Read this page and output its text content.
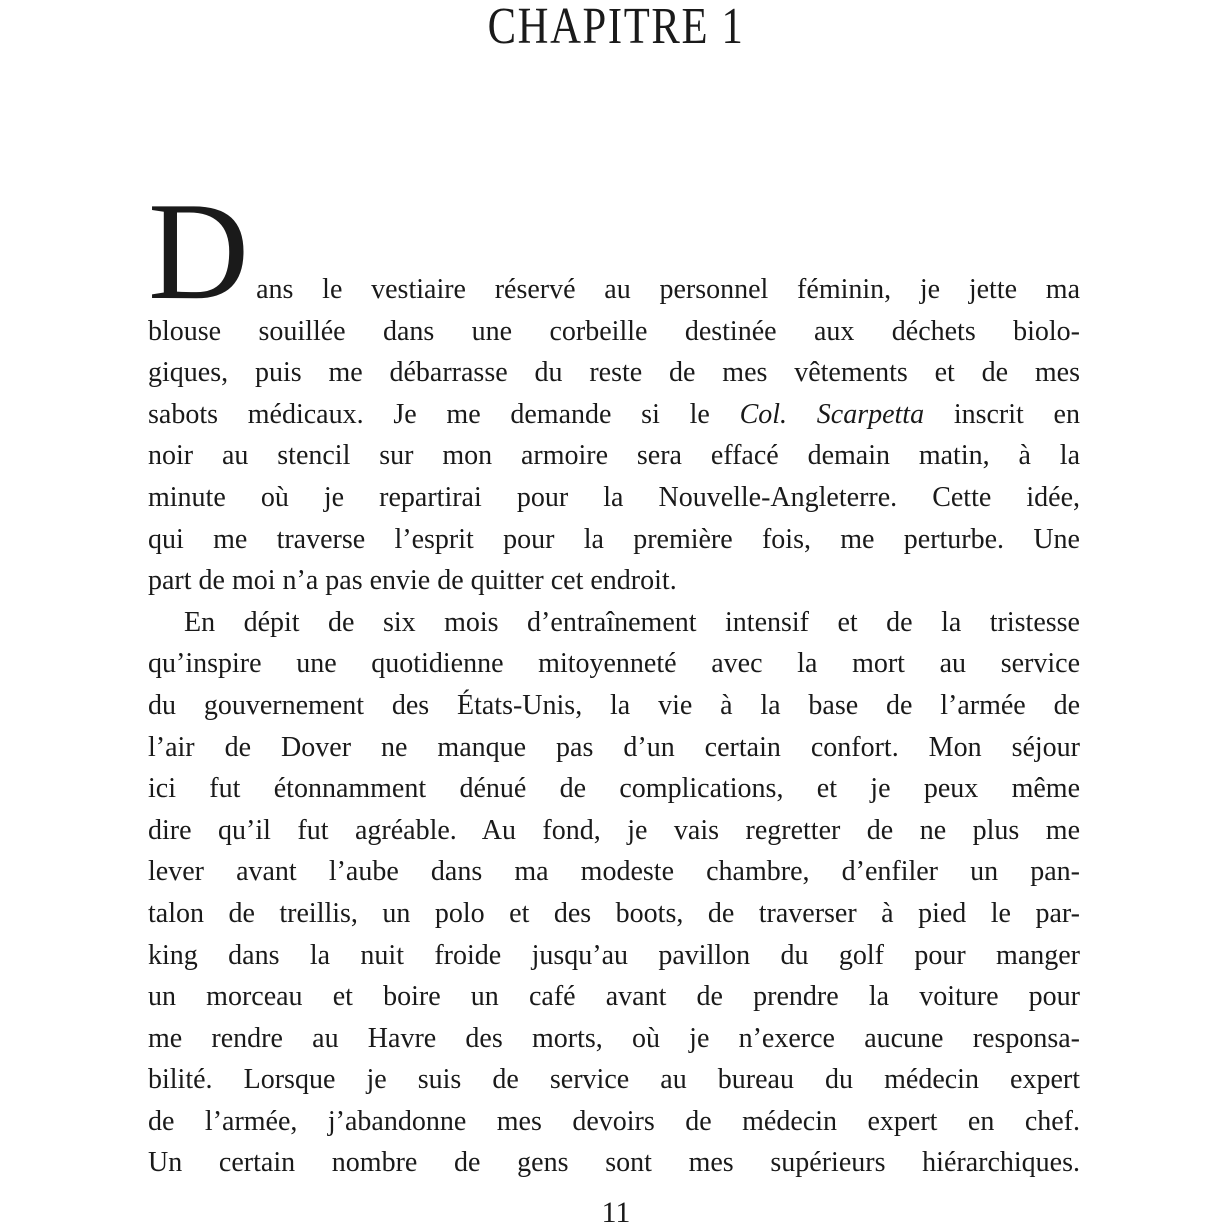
CHAPITRE 1
Dans le vestiaire réservé au personnel féminin, je jette ma
blouse souillée dans une corbeille destinée aux déchets biolo-
giques, puis me débarrasse du reste de mes vêtements et de mes
sabots médicaux. Je me demande si le Col. Scarpetta inscrit en
noir au stencil sur mon armoire sera effacé demain matin, à la
minute où je repartirai pour la Nouvelle-Angleterre. Cette idée,
qui me traverse l’esprit pour la première fois, me perturbe. Une
part de moi n’a pas envie de quitter cet endroit.
En dépit de six mois d’entraînement intensif et de la tristesse
qu’inspire une quotidienne mitoyenneté avec la mort au service
du gouvernement des États-Unis, la vie à la base de l’armée de
l’air de Dover ne manque pas d’un certain confort. Mon séjour
ici fut étonnamment dénué de complications, et je peux même
dire qu’il fut agréable. Au fond, je vais regretter de ne plus me
lever avant l’aube dans ma modeste chambre, d’enfiler un pan-
talon de treillis, un polo et des boots, de traverser à pied le par-
king dans la nuit froide jusqu’au pavillon du golf pour manger
un morceau et boire un café avant de prendre la voiture pour
me rendre au Havre des morts, où je n’exerce aucune responsa-
bilité. Lorsque je suis de service au bureau du médecin expert
de l’armée, j’abandonne mes devoirs de médecin expert en chef.
Un certain nombre de gens sont mes supérieurs hiérarchiques.
11
